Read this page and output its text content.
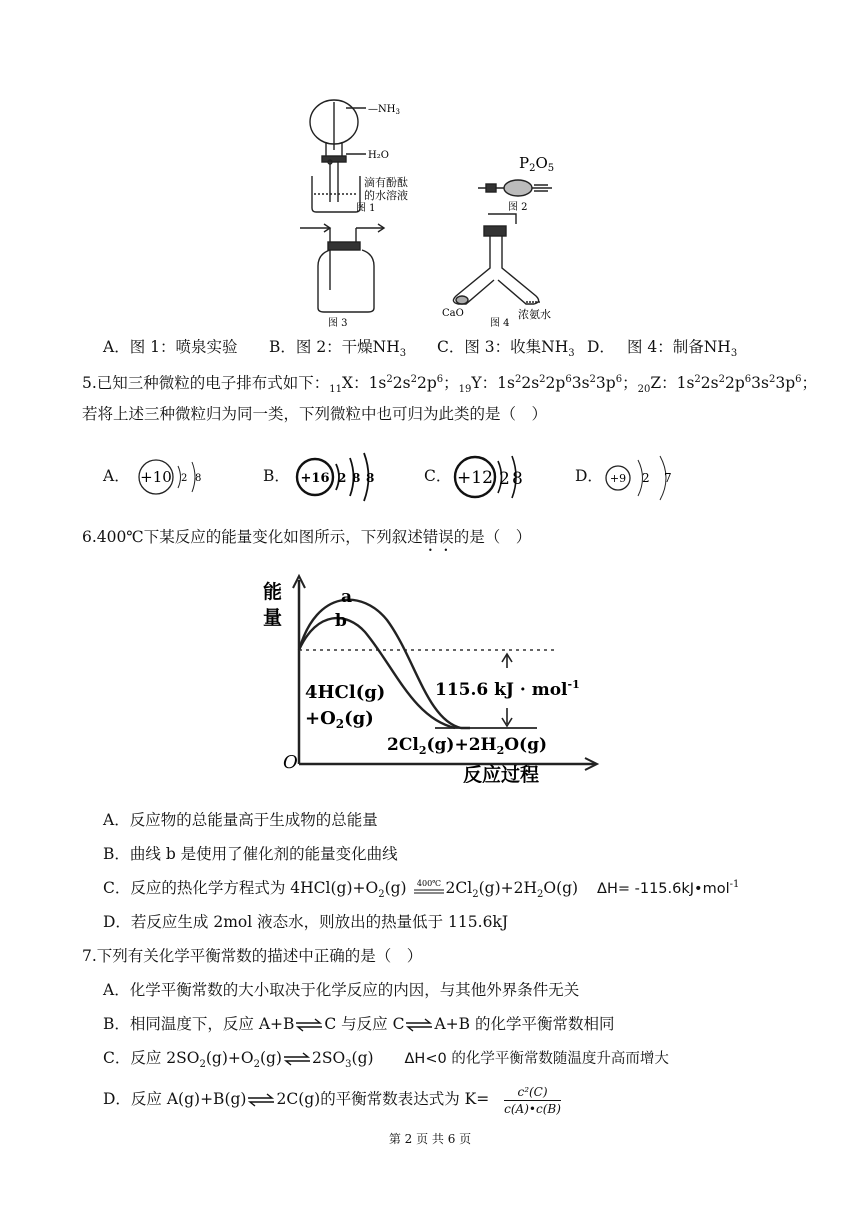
$—NH_3$
H₂O
滴有酚酞
的水溶液
图 1
$P_2O_5$
图 2
图 3
CaO	浓氨水
图 4
A．图 1：喷泉实验 B．图 2：干燥$NH_3$ C．图 3：收集$NH_3$ D． 图 4：制备$NH_3$
5.已知三种微粒的电子排布式如下：$_{11}$X：$1s^22s^22p^6$；$_{19}$Y：$1s^22s^22p^63s^23p^6$；$_{20}$Z：$1s^22s^22p^63s^23p^6$；
若将上述三种微粒归为同一类，下列微粒中也可归为此类的是（　）
A． +10 2 8	B． +16 2 8 8	C． +12 2 8	D． +9 2 7
6.400℃下某反应的能量变化如图所示，下列叙述错误的是（　）
能
量
O
反应过程
a
b
115.6 kJ · mol$^{-1}$
4HCl(g)
$+O_2(g)$
$2Cl_2(g)+2H_2O(g)$
A．反应物的总能量高于生成物的总能量
B．曲线 b 是使用了催化剂的能量变化曲线
C．反应的热化学方程式为 $4HCl(g)+O_2(g)$ 400℃ $2Cl_2(g)+2H_2O(g)$ ΔH= -115.6kJ•mol$^{-1}$
D．若反应生成 2mol 液态水，则放出的热量低于 115.6kJ
7.下列有关化学平衡常数的描述中正确的是（　）
A．化学平衡常数的大小取决于化学反应的内因，与其他外界条件无关
B．相同温度下，反应 A+B⇌C 与反应 C⇌A+B 的化学平衡常数相同
C．反应 $2SO_2(g)+O_2(g)\rightleftharpoons 2SO_3(g)$ ΔH<0 的化学平衡常数随温度升高而增大
D．反应 A(g)+B(g)⇌2C(g)的平衡常数表达式为 $K= \frac{\text{c²(C)}}{c(A)•c(B)}$
第 2 页 共 6 页
